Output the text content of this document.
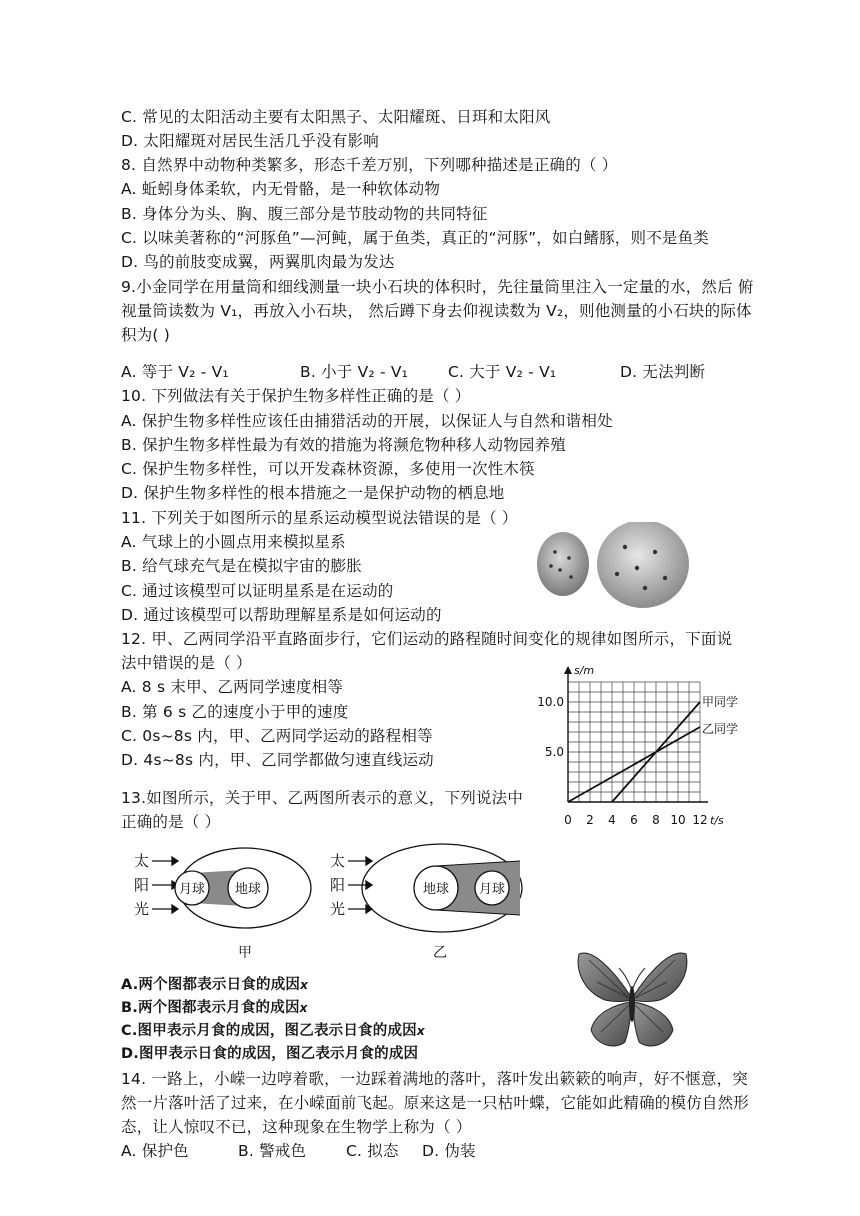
C. 常见的太阳活动主要有太阳黑子、太阳耀斑、日珥和太阳风
D. 太阳耀斑对居民生活几乎没有影响
8. 自然界中动物种类繁多，形态千差万别，下列哪种描述是正确的（ ）
A. 蚯蚓身体柔软，内无骨骼，是一种软体动物
B. 身体分为头、胸、腹三部分是节肢动物的共同特征
C. 以味美著称的“河豚鱼”—河鲀，属于鱼类，真正的“河豚”，如白鳍豚，则不是鱼类
D. 鸟的前肢变成翼，两翼肌肉最为发达
9.小金同学在用量筒和细线测量一块小石块的体积时，先往量筒里注入一定量的水，然后 俯
视量筒读数为 V₁，再放入小石块， 然后蹲下身去仰视读数为 V₂，则他测量的小石块的际体
积为( )
A. 等于 V₂ - V₁	B. 小于 V₂ - V₁	C. 大于 V₂ - V₁	D. 无法判断
10. 下列做法有关于保护生物多样性正确的是（ ）
A. 保护生物多样性应该任由捕猎活动的开展，以保证人与自然和谐相处
B. 保护生物多样性最为有效的措施为将濒危物种移人动物园养殖
C. 保护生物多样性，可以开发森林资源，多使用一次性木筷
D. 保护生物多样性的根本措施之一是保护动物的栖息地
11. 下列关于如图所示的星系运动模型说法错误的是（ ）
A. 气球上的小圆点用来模拟星系
B. 给气球充气是在模拟宇宙的膨胀
C. 通过该模型可以证明星系是在运动的
D. 通过该模型可以帮助理解星系是如何运动的
12. 甲、乙两同学沿平直路面步行，它们运动的路程随时间变化的规律如图所示，下面说
法中错误的是（ ）
A. 8 s 末甲、乙两同学速度相等
B. 第 6 s 乙的速度小于甲的速度
C. 0s~8s 内，甲、乙两同学运动的路程相等
D. 4s~8s 内，甲、乙同学都做匀速直线运动
甲同学
乙同学
0 2 4 6 8 10 12
5.0
10.0
s/m
t/s
13.如图所示，关于甲、乙两图所表示的意义，下列说法中
正确的是（ ）
太
阳
光
月球 地球
甲
太
阳
光
地球 月球
乙
A.两个图都表示日食的成因x
B.两个图都表示月食的成因x
C.图甲表示月食的成因，图乙表示日食的成因x
D.图甲表示日食的成因，图乙表示月食的成因
14. 一路上，小嵘一边哼着歌，一边踩着满地的落叶，落叶发出簌簌的响声，好不惬意，突
然一片落叶活了过来，在小嵘面前飞起。原来这是一只枯叶蝶，它能如此精确的模仿自然形
态，让人惊叹不已，这种现象在生物学上称为（ ）
A. 保护色	B. 警戒色	C. 拟态 D. 伪装
